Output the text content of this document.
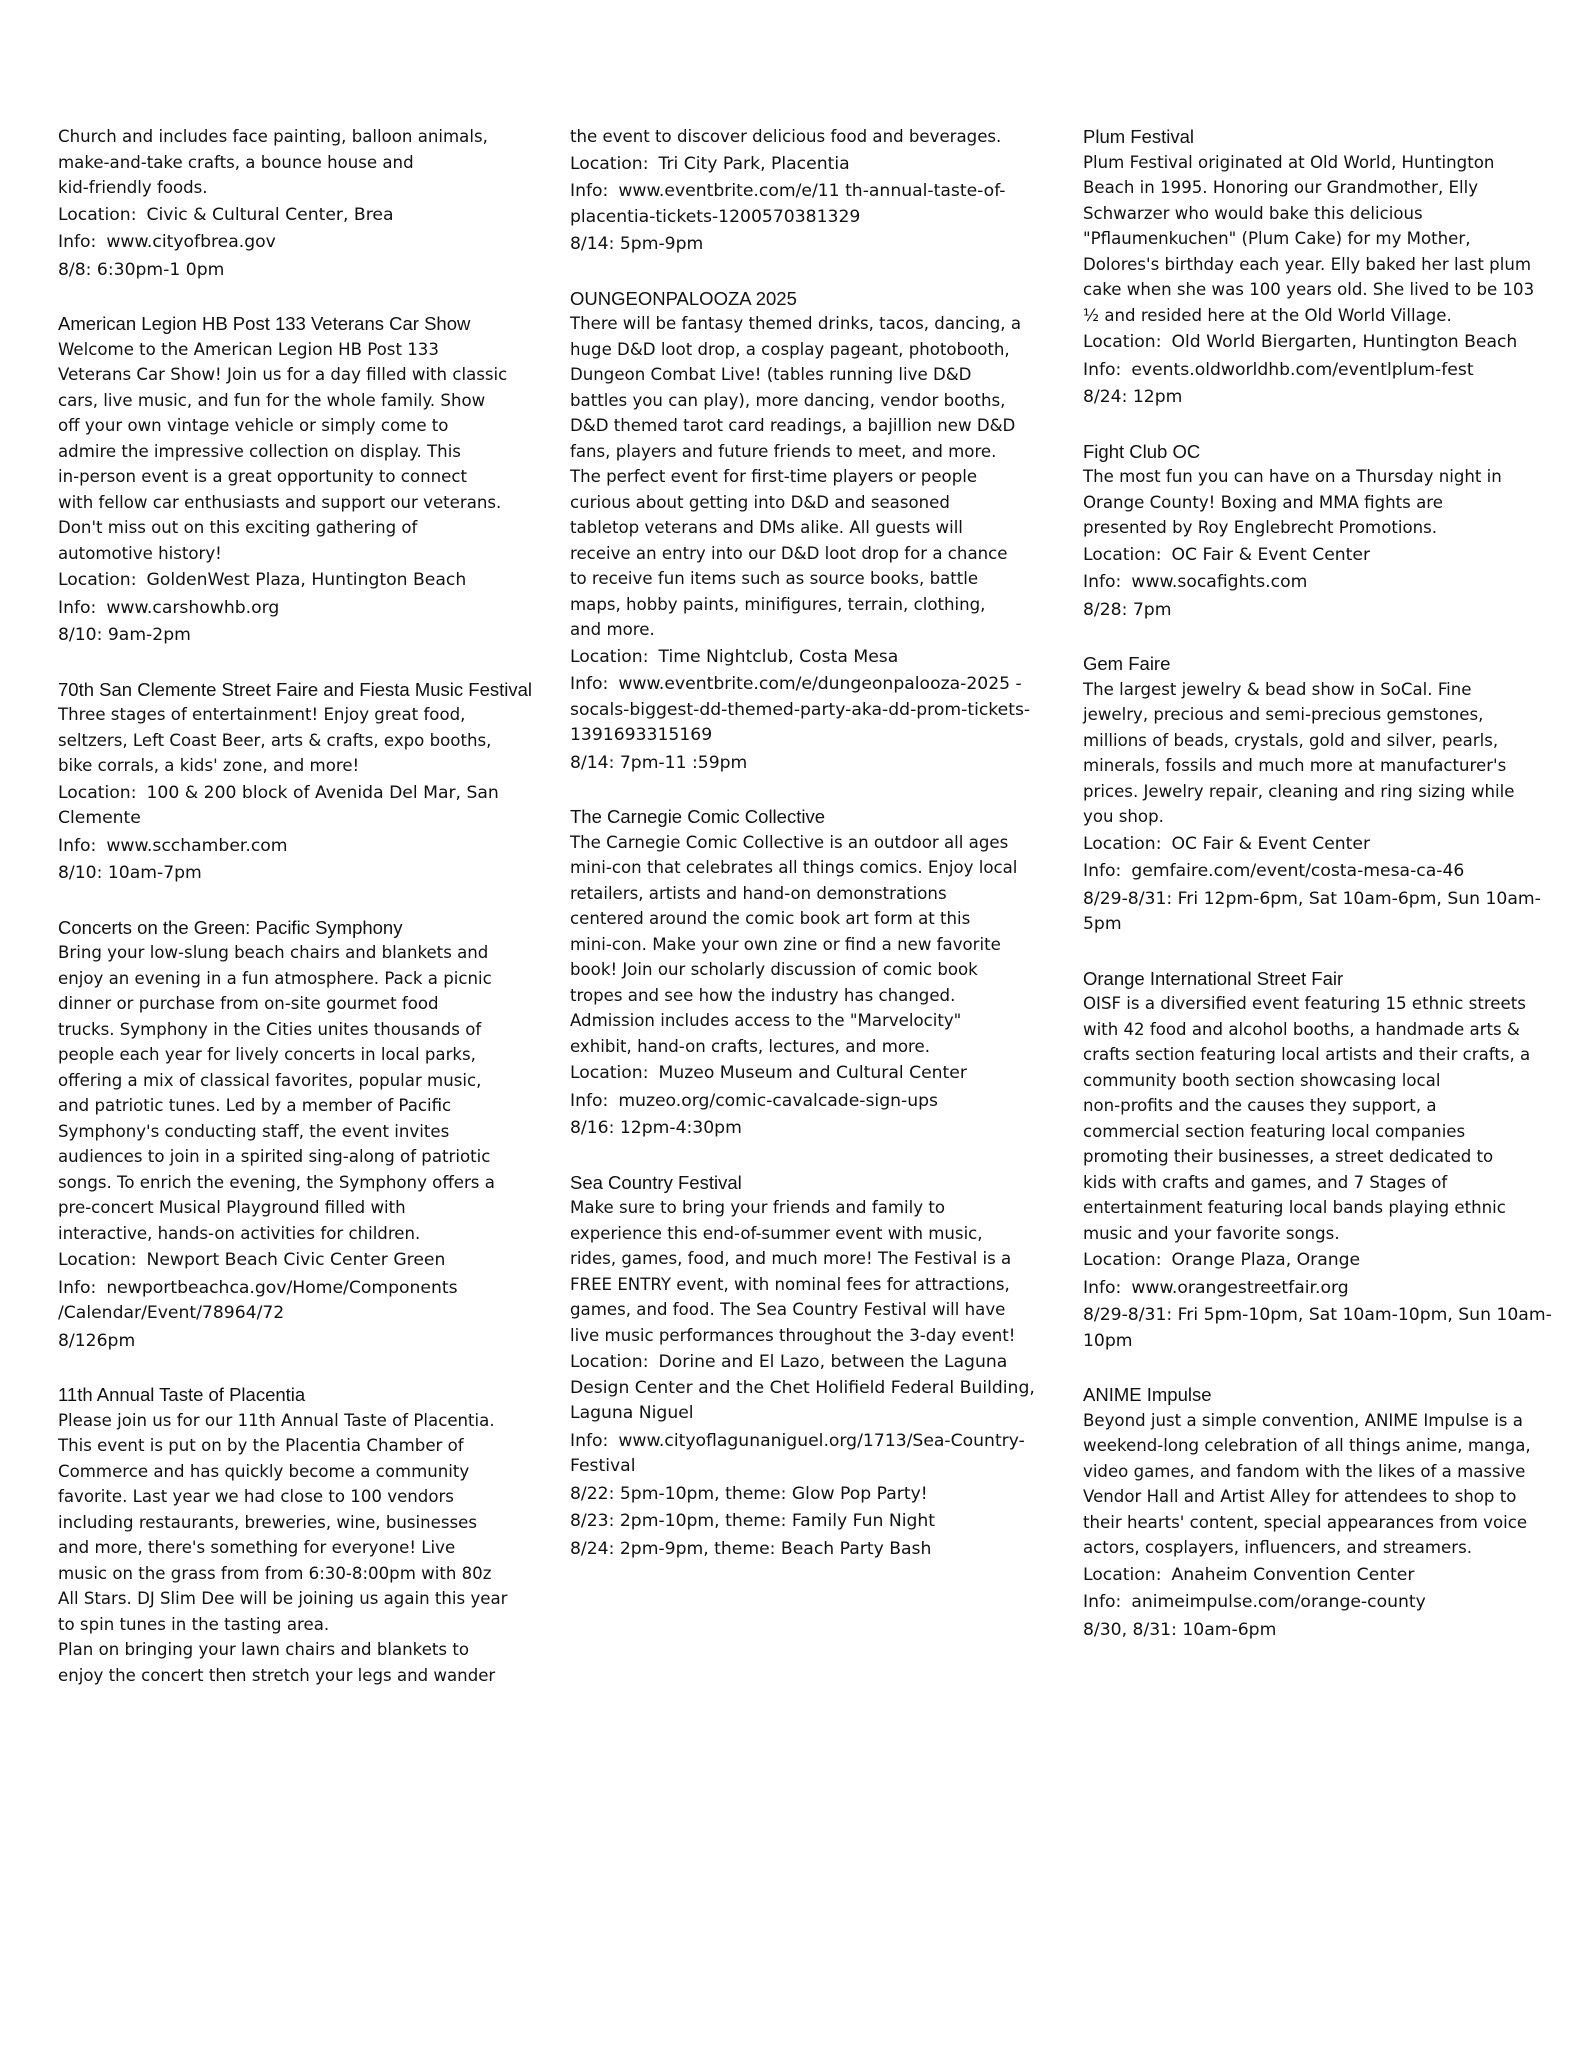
Church and includes face painting, balloon animals,
make-and-take crafts, a bounce house and
kid-friendly foods.
Location: Civic & Cultural Center, Brea
Info: www.cityofbrea.gov
8/8: 6:30pm-1 0pm
American Legion HB Post 133 Veterans Car Show
Welcome to the American Legion HB Post 133
Veterans Car Show! Join us for a day filled with classic
cars, live music, and fun for the whole family. Show
off your own vintage vehicle or simply come to
admire the impressive collection on display. This
in-person event is a great opportunity to connect
with fellow car enthusiasts and support our veterans.
Don't miss out on this exciting gathering of
automotive history!
Location: GoldenWest Plaza, Huntington Beach
Info: www.carshowhb.org
8/10: 9am-2pm
70th San Clemente Street Faire and Fiesta Music Festival
Three stages of entertainment! Enjoy great food,
seltzers, Left Coast Beer, arts & crafts, expo booths,
bike corrals, a kids' zone, and more!
Location: 100 & 200 block of Avenida Del Mar, San Clemente
Info: www.scchamber.com
8/10: 10am-7pm
Concerts on the Green: Pacific Symphony
Bring your low-slung beach chairs and blankets and
enjoy an evening in a fun atmosphere. Pack a picnic
dinner or purchase from on-site gourmet food
trucks. Symphony in the Cities unites thousands of
people each year for lively concerts in local parks,
offering a mix of classical favorites, popular music,
and patriotic tunes. Led by a member of Pacific
Symphony's conducting staff, the event invites
audiences to join in a spirited sing-along of patriotic
songs. To enrich the evening, the Symphony offers a
pre-concert Musical Playground filled with
interactive, hands-on activities for children.
Location: Newport Beach Civic Center Green
Info: newportbeachca.gov/Home/Components /Calendar/Event/78964/72
8/126pm
11th Annual Taste of Placentia
Please join us for our 11th Annual Taste of Placentia.
This event is put on by the Placentia Chamber of
Commerce and has quickly become a community
favorite. Last year we had close to 100 vendors
including restaurants, breweries, wine, businesses
and more, there's something for everyone! Live
music on the grass from from 6:30-8:00pm with 80z
All Stars. DJ Slim Dee will be joining us again this year
to spin tunes in the tasting area.
Plan on bringing your lawn chairs and blankets to
enjoy the concert then stretch your legs and wander
the event to discover delicious food and beverages.
Location: Tri City Park, Placentia
Info: www.eventbrite.com/e/11 th-annual-taste-of-placentia-tickets-1200570381329
8/14: 5pm-9pm
OUNGEONPALOOZA 2025
There will be fantasy themed drinks, tacos, dancing, a
huge D&D loot drop, a cosplay pageant, photobooth,
Dungeon Combat Live! (tables running live D&D
battles you can play), more dancing, vendor booths,
D&D themed tarot card readings, a bajillion new D&D
fans, players and future friends to meet, and more.
The perfect event for first-time players or people
curious about getting into D&D and seasoned
tabletop veterans and DMs alike. All guests will
receive an entry into our D&D loot drop for a chance
to receive fun items such as source books, battle
maps, hobby paints, minifigures, terrain, clothing,
and more.
Location: Time Nightclub, Costa Mesa
Info: www.eventbrite.com/e/dungeonpalooza-2025 -socals-biggest-dd-themed-party-aka-dd-prom-tickets-1391693315169
8/14: 7pm-11 :59pm
The Carnegie Comic Collective
The Carnegie Comic Collective is an outdoor all ages
mini-con that celebrates all things comics. Enjoy local
retailers, artists and hand-on demonstrations
centered around the comic book art form at this
mini-con. Make your own zine or find a new favorite
book! Join our scholarly discussion of comic book
tropes and see how the industry has changed.
Admission includes access to the "Marvelocity"
exhibit, hand-on crafts, lectures, and more.
Location: Muzeo Museum and Cultural Center
Info: muzeo.org/comic-cavalcade-sign-ups
8/16: 12pm-4:30pm
Sea Country Festival
Make sure to bring your friends and family to
experience this end-of-summer event with music,
rides, games, food, and much more! The Festival is a
FREE ENTRY event, with nominal fees for attractions,
games, and food. The Sea Country Festival will have
live music performances throughout the 3-day event!
Location: Dorine and El Lazo, between the Laguna Design Center and the Chet Holifield Federal Building, Laguna Niguel
Info: www.cityoflagunaniguel.org/1713/Sea-Country-Festival
8/22: 5pm-10pm, theme: Glow Pop Party!
8/23: 2pm-10pm, theme: Family Fun Night
8/24: 2pm-9pm, theme: Beach Party Bash
Plum Festival
Plum Festival originated at Old World, Huntington
Beach in 1995. Honoring our Grandmother, Elly
Schwarzer who would bake this delicious
"Pflaumenkuchen" (Plum Cake) for my Mother,
Dolores's birthday each year. Elly baked her last plum
cake when she was 100 years old. She lived to be 103
½ and resided here at the Old World Village.
Location: Old World Biergarten, Huntington Beach
Info: events.oldworldhb.com/eventlplum-fest
8/24: 12pm
Fight Club OC
The most fun you can have on a Thursday night in
Orange County! Boxing and MMA fights are
presented by Roy Englebrecht Promotions.
Location: OC Fair & Event Center
Info: www.socafights.com
8/28: 7pm
Gem Faire
The largest jewelry & bead show in SoCal. Fine
jewelry, precious and semi-precious gemstones,
millions of beads, crystals, gold and silver, pearls,
minerals, fossils and much more at manufacturer's
prices. Jewelry repair, cleaning and ring sizing while
you shop.
Location: OC Fair & Event Center
Info: gemfaire.com/event/costa-mesa-ca-46
8/29-8/31: Fri 12pm-6pm, Sat 10am-6pm, Sun 10am-5pm
Orange International Street Fair
OISF is a diversified event featuring 15 ethnic streets
with 42 food and alcohol booths, a handmade arts &
crafts section featuring local artists and their crafts, a
community booth section showcasing local
non-profits and the causes they support, a
commercial section featuring local companies
promoting their businesses, a street dedicated to
kids with crafts and games, and 7 Stages of
entertainment featuring local bands playing ethnic
music and your favorite songs.
Location: Orange Plaza, Orange
Info: www.orangestreetfair.org
8/29-8/31: Fri 5pm-10pm, Sat 10am-10pm, Sun 10am-10pm
ANIME Impulse
Beyond just a simple convention, ANIME Impulse is a
weekend-long celebration of all things anime, manga,
video games, and fandom with the likes of a massive
Vendor Hall and Artist Alley for attendees to shop to
their hearts' content, special appearances from voice
actors, cosplayers, influencers, and streamers.
Location: Anaheim Convention Center
Info: animeimpulse.com/orange-county
8/30, 8/31: 10am-6pm
